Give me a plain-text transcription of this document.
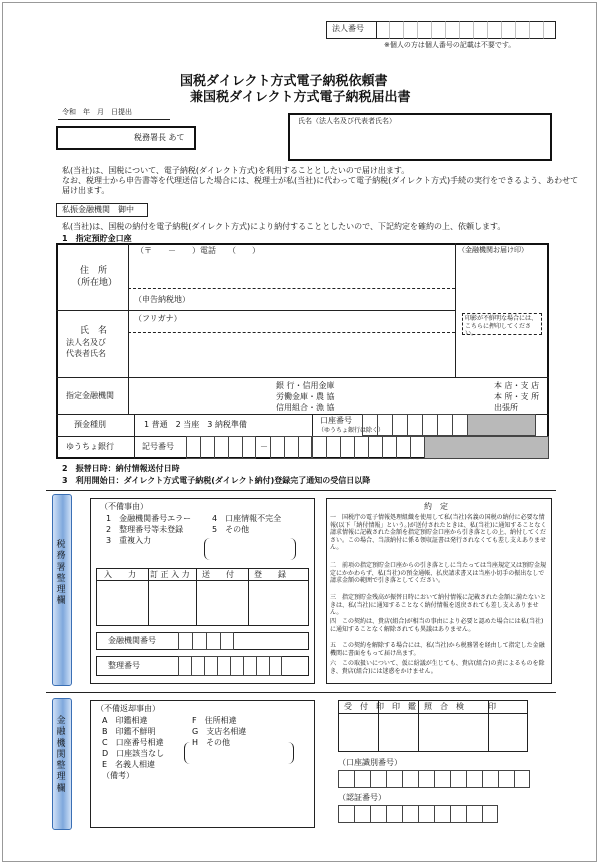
法人番号
※個人の方は個人番号の記載は不要です。
国税ダイレクト方式電子納税依頼書
兼国税ダイレクト方式電子納税届出書
令和　年　月　日提出
税務署長 あて
氏名（法人名及び代表者氏名）
私(当社)は、国税について、電子納税(ダイレクト方式)を利用することとしたいので届け出ます。
なお、税理士から申告書等を代理送信した場合には、税理士が私(当社)に代わって電子納税(ダイレクト方式)手続の実行をできるよう、あわせて届け出ます。
私振金融機関　御中
私(当社)は、国税の納付を電子納税(ダイレクト方式)により納付することとしたいので、下記約定を確約の上、依頼します。
1　指定預貯金口座
住　所
（所在地）
（〒　　－　　）電話　　（　　）
（申告納税地）
（金融機関お届け印）
氏　名
法人名及び
代表者氏名
（フリガナ）	印影が不鮮明な場合には、こちらに押印してください。
指定金融機関
銀 行・信用金庫
労働金庫・農 協
信用組合・漁 協
本 店・支 店
本 所・支 所
出張所
預金種別	1 普通　2 当座　3 納税準備	口座番号
（ゆうちょ銀行は除く）
ゆうちょ銀行	記号番号	－
2　振替日時：納付情報送付日時
3　利用開始日：ダイレクト方式電子納税(ダイレクト納付)登録完了通知の受信日以降
税務署整理欄
（不備事由）
1　金融機関番号エラー
2　整理番号等未登録
3　重複入力
4　口座情報不完全
5　その他
入　　力 訂 正 入 力 送　　付	登　　録
金融機関番号
整理番号
約　定
一　国税庁の電子情報処理組織を使用して私(当社)名義の国税の納付に必要な情報(以下「納付情報」という。)が送付されたときは、私(当社)に通知することなく請求情報に記載された金額を指定預貯金口座から引き落としの上、納付してください。この場合、当該納付に係る領収証書は発行されなくても差し支えありません。
二　前項の指定預貯金口座からの引き落としに当たっては当座規定又は預貯金規定にかかわらず、私(当社)の預金通帳、払戻請求書又は当座小切手の振出なしで請求金額の範囲で引き落としてください。
三　指定預貯金残高が振替日時において納付情報に記載された金額に満たないときは、私(当社)に通知することなく納付情報を返戻されても差し支えありません。
四　この契約は、貴店(組合)が相当の事由により必要と認めた場合には私(当社)に通知することなく解除されても異議はありません。
五　この契約を解除する場合には、私(当社)から税務署を経由して指定した金融機関に書面をもって届け出ます。
六　この取扱いについて、仮に紛議が生じても、貴店(組合)の責によるものを除き、貴店(組合)には迷惑をかけません。
金融機関整理欄
（不備返却事由）
A　印鑑相違
B　印鑑不鮮明
C　口座番号相違
D　口座該当なし
E　名義人相違
F　住所相違
G　支店名相違
H　その他
（備考）
受　付　印　印　鑑　照　合　検　　　印
（口座識別番号）
（認証番号）
